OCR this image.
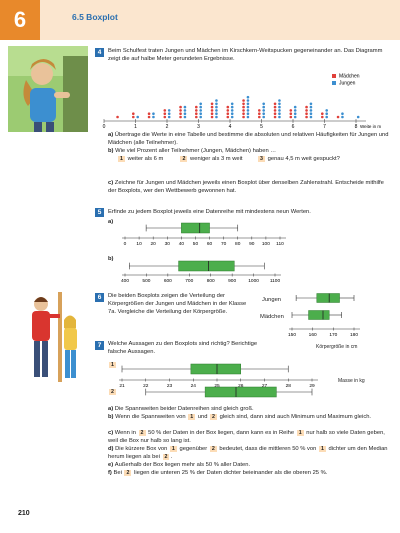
6	6.5 Boxplot
4	Beim Schulfest traten Jungen und Mädchen im Kirschkern-Weitspucken gegeneinander an. Das Diagramm zeigt die auf halbe Meter gerundeten Ergebnisse.
0	1	2	3	4	5	6	7	8 Weite in m
Mädchen
Jungen
a) Übertrage die Werte in eine Tabelle und bestimme die absoluten und relativen Häufigkeiten für Jungen und Mädchen (alle Teilnehmer).
b) Wie viel Prozent aller Teilnehmer (Jungen, Mädchen) haben …
1 weiter als 6 m	2 weniger als 3 m weit	3 genau 4,5 m weit gespuckt?
c) Zeichne für Jungen und Mädchen jeweils einen Boxplot über denselben Zahlenstrahl. Entscheide mithilfe der Boxplots, wer den Wettbewerb gewonnen hat.
5	Erfinde zu jedem Boxplot jeweils eine Datenreihe mit mindestens neun Werten.
a)
0 10 20 30 40 50 60 70 80 90 100 110
b)
400	500	600	700	800	900	1000 1100
6	Die beiden Boxplots zeigen die Verteilung der Körpergrößen der Jungen und Mädchen in der Klasse 7a. Vergleiche die Verteilung der Körpergröße.
Jungen
Mädchen
150	160	170	180
Körpergröße in cm
7	Welche Aussagen zu den Boxplots sind richtig? Berichtige falsche Aussagen.
1
21	22	23	24	25	26	27	28	29
2
Masse in kg
a) Die Spannweiten beider Datenreihen sind gleich groß.
b) Wenn die Spannweiten von 1 und 2 gleich sind, dann sind auch Minimum und Maximum gleich.
c) Wenn in 2 50 % der Daten in der Box liegen, dann kann es in Reihe 1 nur halb so viele Daten geben, weil die Box nur halb so lang ist.
d) Die kürzere Box von 1 gegenüber 2 bedeutet, dass die mittleren 50 % von 1 dichter um den Median herum liegen als bei 2 .
e) Außerhalb der Box liegen mehr als 50 % aller Daten.
f) Bei 2 liegen die unteren 25 % der Daten dichter beieinander als die oberen 25 %.
210
